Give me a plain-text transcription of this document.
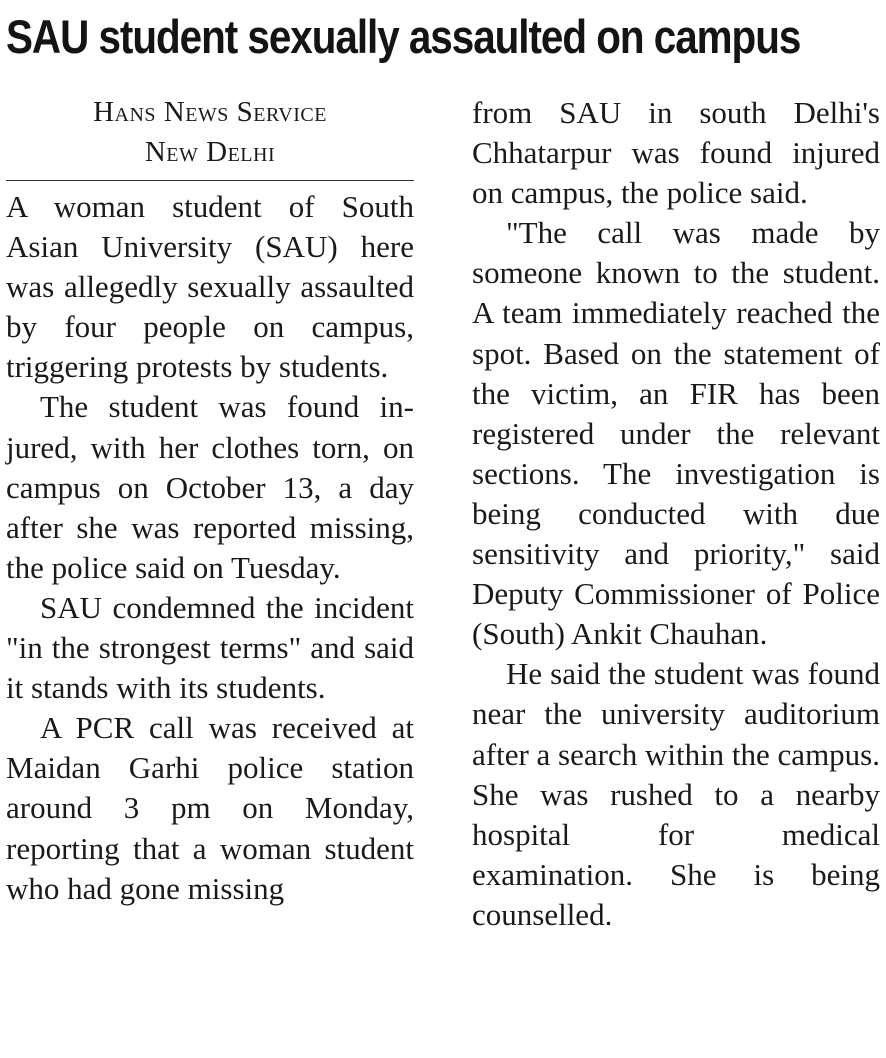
SAU student sexually assaulted on campus
Hans News Service
New Delhi

A woman student of South Asian University (SAU) here was allegedly sexually assaulted by four people on campus, triggering protests by students.

The student was found injured, with her clothes torn, on campus on October 13, a day after she was reported missing, the police said on Tuesday.

SAU condemned the incident "in the strongest terms" and said it stands with its students.

A PCR call was received at Maidan Garhi police station around 3 pm on Monday, reporting that a woman student who had gone missing

from SAU in south Delhi's Chhatarpur was found injured on campus, the police said.

"The call was made by someone known to the student. A team immediately reached the spot. Based on the statement of the victim, an FIR has been registered under the relevant sections. The investigation is being conducted with due sensitivity and priority," said Deputy Commissioner of Police (South) Ankit Chauhan.

He said the student was found near the university auditorium after a search within the campus. She was rushed to a nearby hospital for medical examination. She is being counselled.
